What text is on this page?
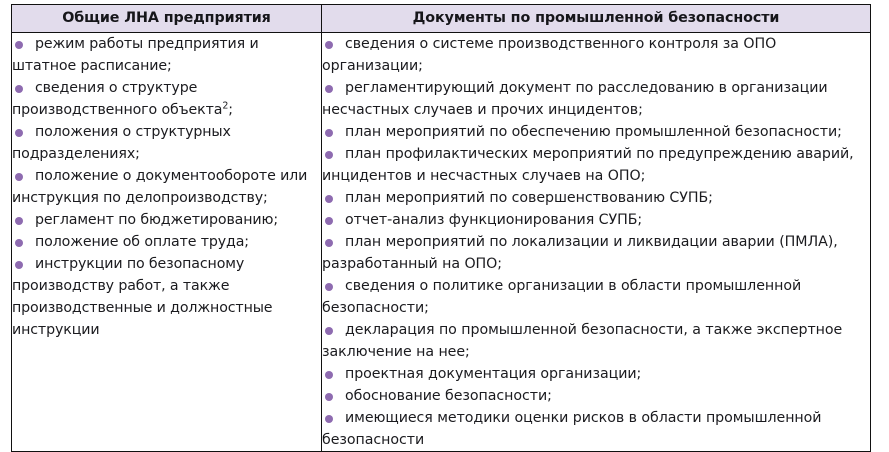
Общие ЛНА предприятия	Документы по промышленной безопасности

режим работы предприятия и штатное расписание;
сведения о структуре производственного объекта$^2$;
положения о структурных подразделениях;
положение о документообороте или инструкция по делопроизводству;
регламент по бюджетированию;
положение об оплате труда;
инструкции по безопасному производству работ, а также производственные и должностные инструкции

сведения о системе производственного контроля за ОПО организации;
регламентирующий документ по расследованию в организации несчастных случаев и прочих инцидентов;
план мероприятий по обеспечению промышленной безопасности;
план профилактических мероприятий по предупреждению аварий, инцидентов и несчастных случаев на ОПО;
план мероприятий по совершенствованию СУПБ;
отчет-анализ функционирования СУПБ;
план мероприятий по локализации и ликвидации аварии (ПМЛА), разработанный на ОПО;
сведения о политике организации в области промышленной безопасности;
декларация по промышленной безопасности, а также экспертное заключение на нее;
проектная документация организации;
обоснование безопасности;
имеющиеся методики оценки рисков в области промышленной безопасности
